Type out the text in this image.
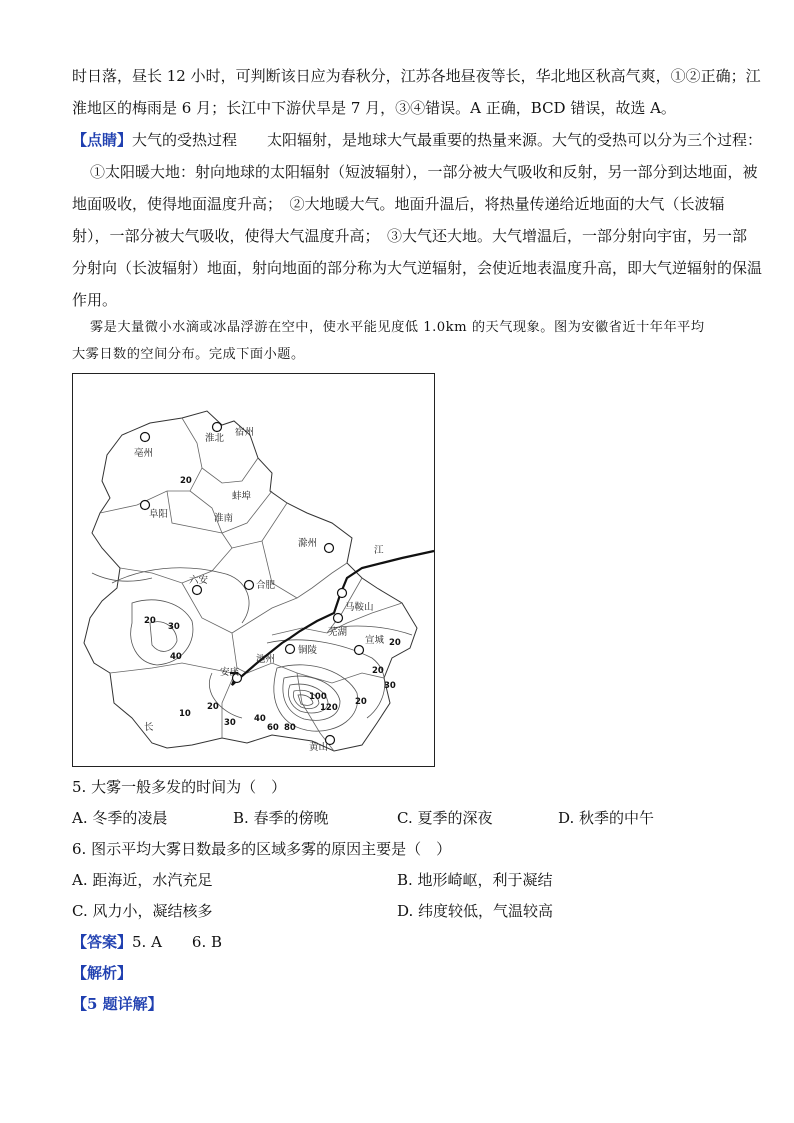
时日落，昼长 12 小时，可判断该日应为春秋分，江苏各地昼夜等长，华北地区秋高气爽，①②正确；江
淮地区的梅雨是 6 月；长江中下游伏旱是 7 月，③④错误。A 正确，BCD 错误，故选 A。
【点睛】大气的受热过程　　太阳辐射，是地球大气最重要的热量来源。大气的受热可以分为三个过程：
①太阳暖大地：射向地球的太阳辐射（短波辐射），一部分被大气吸收和反射，另一部分到达地面，被
地面吸收，使得地面温度升高；　②大地暖大气。地面升温后，将热量传递给近地面的大气（长波辐
射），一部分被大气吸收，使得大气温度升高；　③大气还大地。大气增温后，一部分射向宇宙，另一部
分射向（长波辐射）地面，射向地面的部分称为大气逆辐射，会使近地表温度升高，即大气逆辐射的保温
作用。
雾是大量微小水滴或冰晶浮游在空中，使水平能见度低 1.0km 的天气现象。图为安徽省近十年年平均
大雾日数的空间分布。完成下面小题。
淮北
亳州
宿州
蚌埠
阜阳	淮南
滁州
六安	合肥
马鞍山
芜湖
宣城
铜陵
池州
安庆
黄山
江
长
20
20
30
40
20
20
30
20
10
30 40
60 80
100
120
20
5. 大雾一般多发的时间为（　）
A. 冬季的凌晨	B. 春季的傍晚	C. 夏季的深夜	D. 秋季的中午
6. 图示平均大雾日数最多的区域多雾的原因主要是（　）
A. 距海近，水汽充足	B. 地形崎岖，利于凝结
C. 风力小，凝结核多	D. 纬度较低，气温较高
【答案】5. A　　6. B
【解析】
【5 题详解】
